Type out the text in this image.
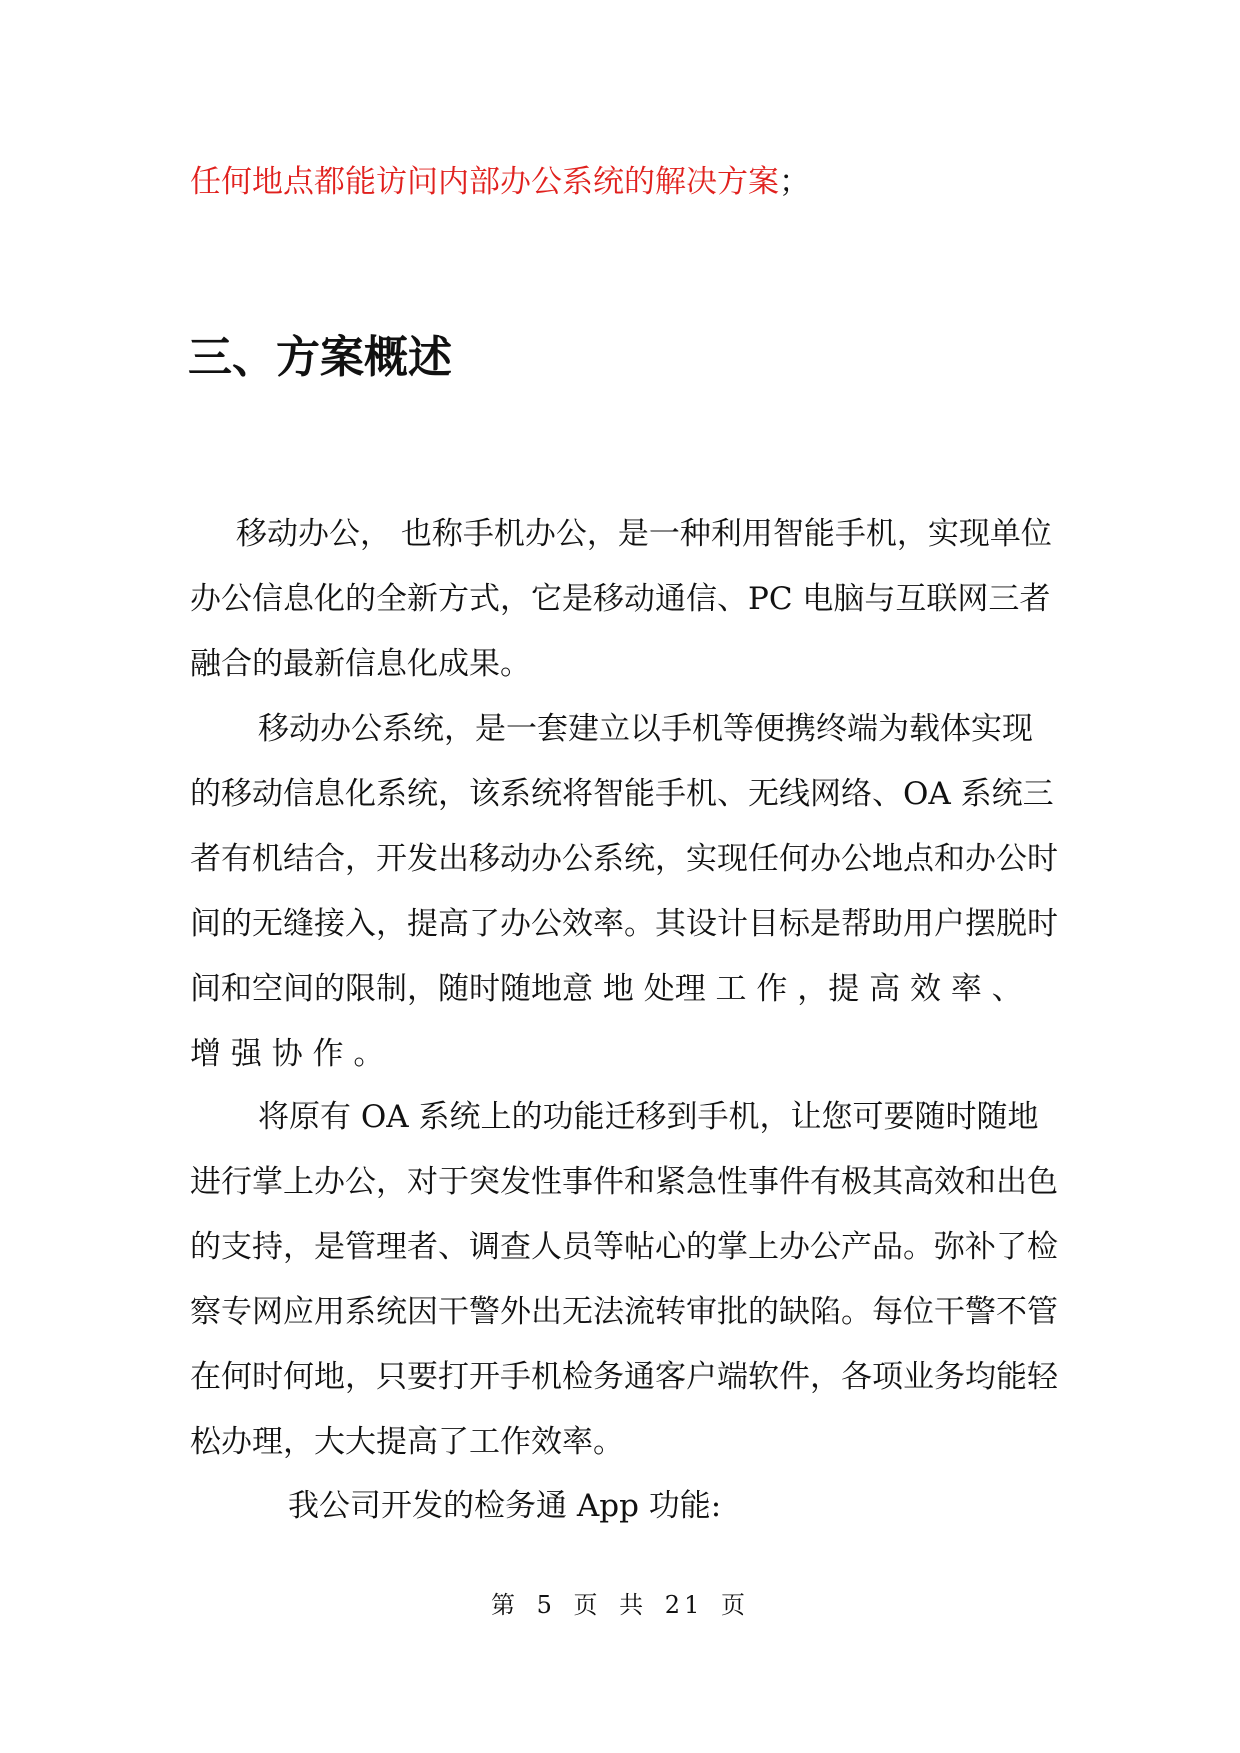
任何地点都能访问内部办公系统的解决方案；
三、方案概述

移动办公， 也称手机办公，是一种利用智能手机，实现单位办公信息化的全新方式，它是移动通信、PC 电脑与互联网三者融合的最新信息化成果。

移动办公系统，是一套建立以手机等便携终端为载体实现的移动信息化系统，该系统将智能手机、无线网络、OA 系统三者有机结合，开发出移动办公系统，实现任何办公地点和办公时间的无缝接入，提高了办公效率。其设计目标是帮助用户摆脱时间和空间的限制，随时随地意 地 处理 工 作 ，提 高 效 率 、 增 强 协 作 。

将原有 OA 系统上的功能迁移到手机，让您可要随时随地进行掌上办公，对于突发性事件和紧急性事件有极其高效和出色的支持，是管理者、调查人员等帖心的掌上办公产品。弥补了检察专网应用系统因干警外出无法流转审批的缺陷。每位干警不管在何时何地，只要打开手机检务通客户端软件，各项业务均能轻松办理，大大提高了工作效率。

我公司开发的检务通 App 功能:

第 5 页 共 21 页
